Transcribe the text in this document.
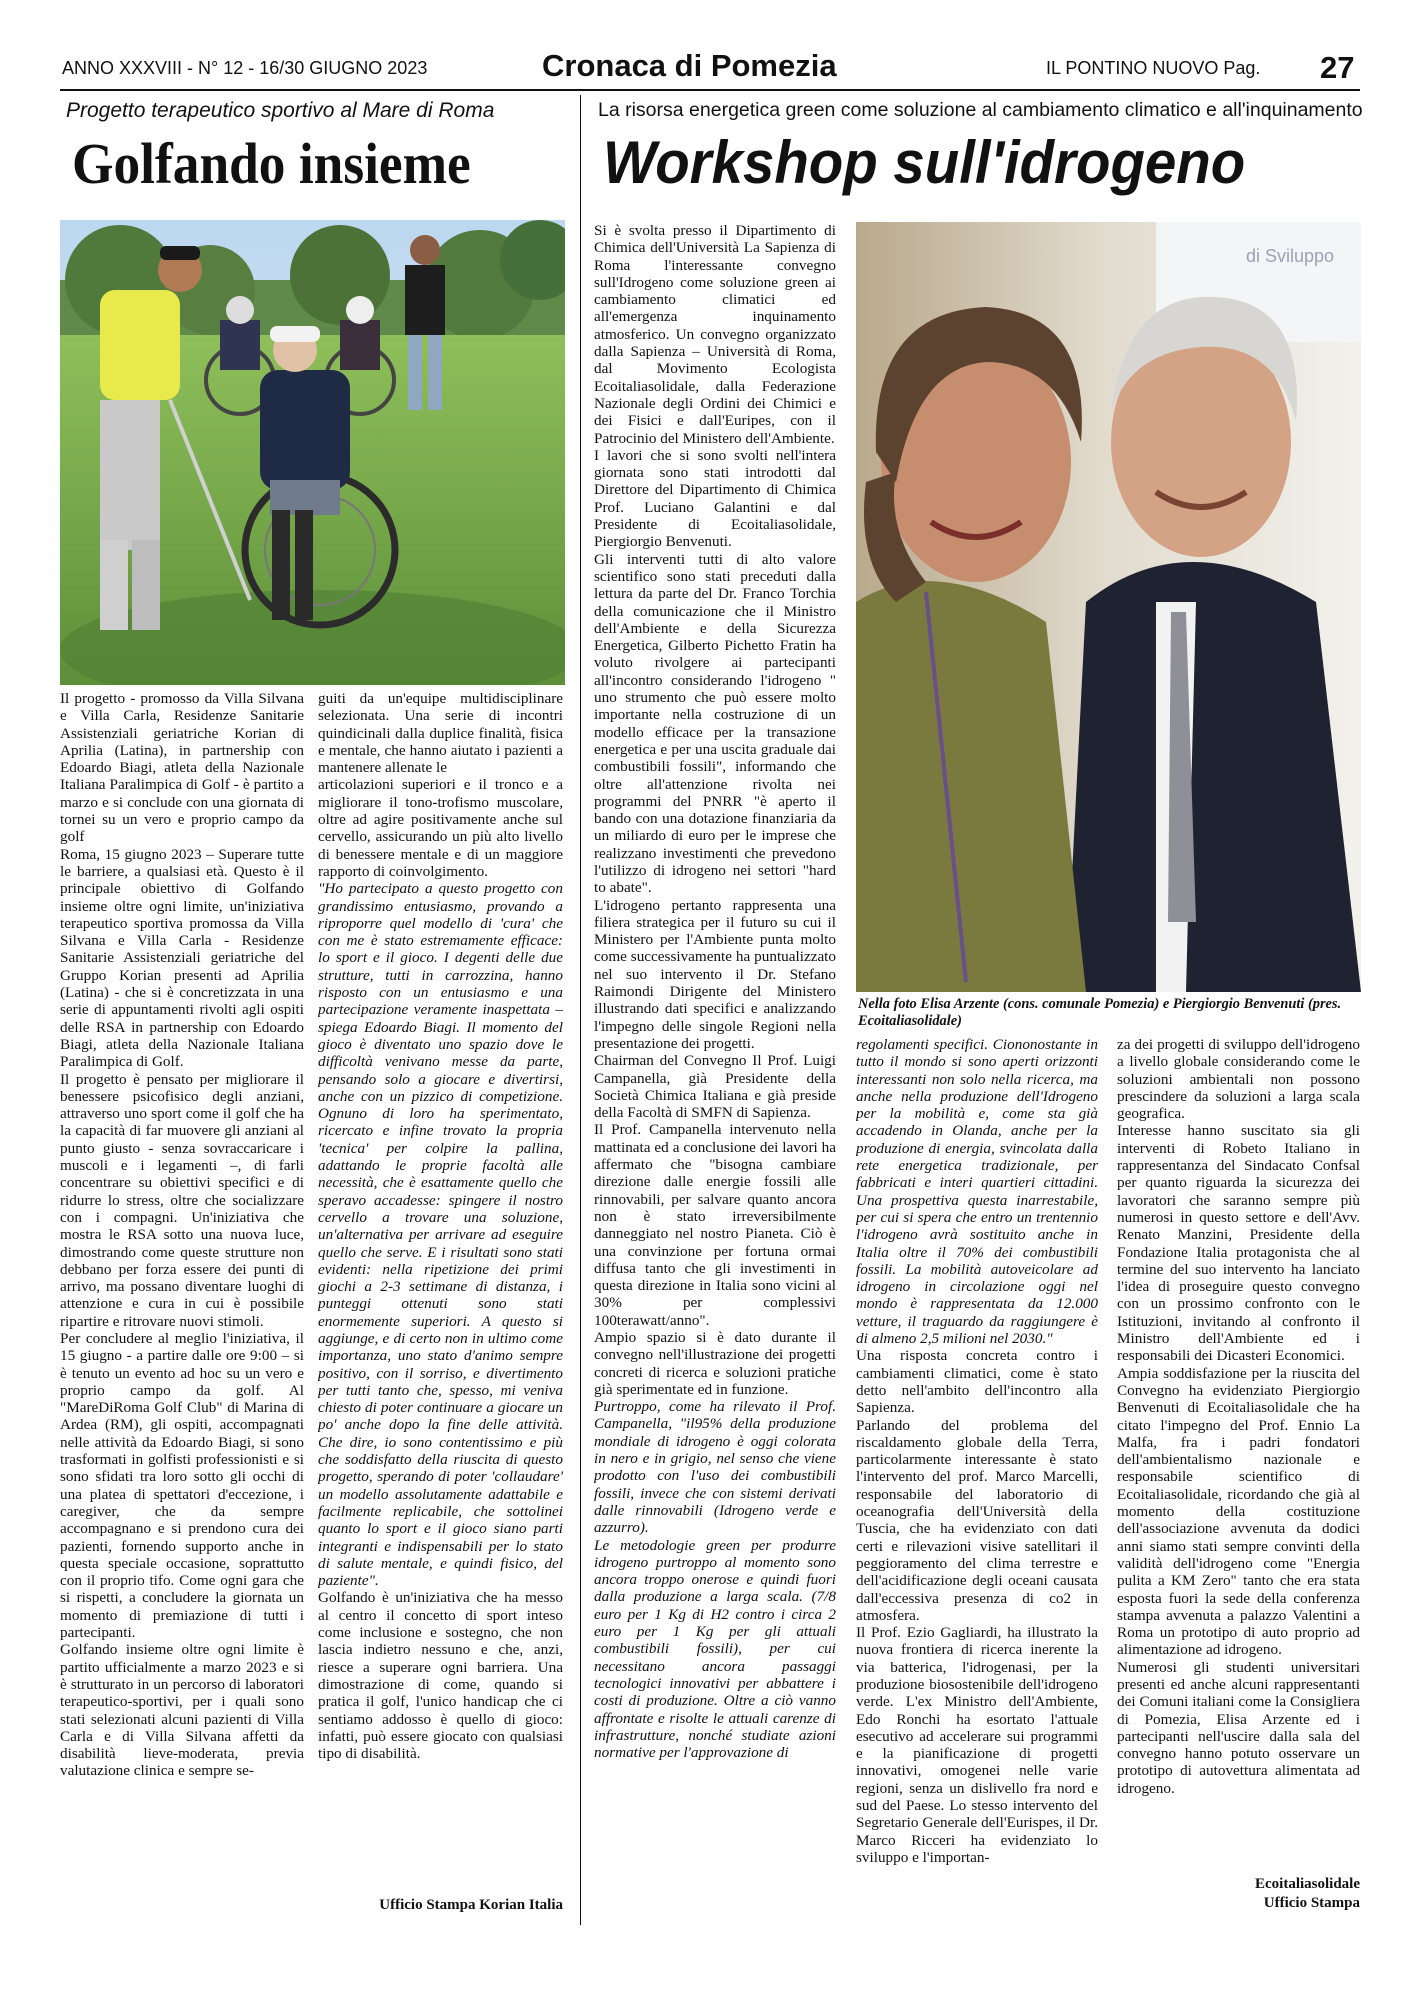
ANNO XXXVIII - N° 12 - 16/30 GIUGNO 2023	Cronaca di Pomezia	IL PONTINO NUOVO Pag. 27
Progetto terapeutico sportivo al Mare di Roma
Golfando insieme

Il progetto - promosso da Villa Silvana e Villa Carla, Residenze Sanitarie Assistenziali geriatriche Korian di Aprilia (Latina), in partnership con Edoardo Biagi, atleta della Nazionale Italiana Paralimpica di Golf - è partito a marzo e si conclude con una giornata di tornei su un vero e proprio campo da golf

Roma, 15 giugno 2023 – Superare tutte le barriere, a qualsiasi età. Questo è il principale obiettivo di Golfando insieme oltre ogni limite, un'iniziativa terapeutico sportiva promossa da Villa Silvana e Villa Carla - Residenze Sanitarie Assistenziali geriatriche del Gruppo Korian presenti ad Aprilia (Latina) - che si è concretizzata in una serie di appuntamenti rivolti agli ospiti delle RSA in partnership con Edoardo Biagi, atleta della Nazionale Italiana Paralimpica di Golf.

Il progetto è pensato per migliorare il benessere psicofisico degli anziani, attraverso uno sport come il golf che ha la capacità di far muovere gli anziani al punto giusto - senza sovraccaricare i muscoli e i legamenti –, di farli concentrare su obiettivi specifici e di ridurre lo stress, oltre che socializzare con i compagni. Un'iniziativa che mostra le RSA sotto una nuova luce, dimostrando come queste strutture non debbano per forza essere dei punti di arrivo, ma possano diventare luoghi di attenzione e cura in cui è possibile ripartire e ritrovare nuovi stimoli.

Per concludere al meglio l'iniziativa, il 15 giugno - a partire dalle ore 9:00 – si è tenuto un evento ad hoc su un vero e proprio campo da golf. Al "MareDiRoma Golf Club" di Marina di Ardea (RM), gli ospiti, accompagnati nelle attività da Edoardo Biagi, si sono trasformati in golfisti professionisti e si sono sfidati tra loro sotto gli occhi di una platea di spettatori d'eccezione, i caregiver, che da sempre accompagnano e si prendono cura dei pazienti, fornendo supporto anche in questa speciale occasione, soprattutto con il proprio tifo. Come ogni gara che si rispetti, a concludere la giornata un momento di premiazione di tutti i partecipanti.

Golfando insieme oltre ogni limite è partito ufficialmente a marzo 2023 e si è strutturato in un percorso di laboratori terapeutico-sportivi, per i quali sono stati selezionati alcuni pazienti di Villa Carla e di Villa Silvana affetti da disabilità lieve-moderata, previa valutazione clinica e sempre se-

guiti da un'equipe multidisciplinare selezionata. Una serie di incontri quindicinali dalla duplice finalità, fisica e mentale, che hanno aiutato i pazienti a mantenere allenate le

articolazioni superiori e il tronco e a migliorare il tono-trofismo muscolare, oltre ad agire positivamente anche sul cervello, assicurando un più alto livello di benessere mentale e di un maggiore rapporto di coinvolgimento.

"Ho partecipato a questo progetto con grandissimo entusiasmo, provando a riproporre quel modello di 'cura' che con me è stato estremamente efficace: lo sport e il gioco. I degenti delle due strutture, tutti in carrozzina, hanno risposto con un entusiasmo e una partecipazione veramente inaspettata – spiega Edoardo Biagi. Il momento del gioco è diventato uno spazio dove le difficoltà venivano messe da parte, pensando solo a giocare e divertirsi, anche con un pizzico di competizione. Ognuno di loro ha sperimentato, ricercato e infine trovato la propria 'tecnica' per colpire la pallina, adattando le proprie facoltà alle necessità, che è esattamente quello che speravo accadesse: spingere il nostro cervello a trovare una soluzione, un'alternativa per arrivare ad eseguire quello che serve. E i risultati sono stati evidenti: nella ripetizione dei primi giochi a 2-3 settimane di distanza, i punteggi ottenuti sono stati enormemente superiori. A questo si aggiunge, e di certo non in ultimo come importanza, uno stato d'animo sempre positivo, con il sorriso, e divertimento per tutti tanto che, spesso, mi veniva chiesto di poter continuare a giocare un po' anche dopo la fine delle attività. Che dire, io sono contentissimo e più che soddisfatto della riuscita di questo progetto, sperando di poter 'collaudare' un modello assolutamente adattabile e facilmente replicabile, che sottolinei quanto lo sport e il gioco siano parti integranti e indispensabili per lo stato di salute mentale, e quindi fisico, del paziente".

Golfando è un'iniziativa che ha messo al centro il concetto di sport inteso come inclusione e sostegno, che non lascia indietro nessuno e che, anzi, riesce a superare ogni barriera. Una dimostrazione di come, quando si pratica il golf, l'unico handicap che ci sentiamo addosso è quello di gioco: infatti, può essere giocato con qualsiasi tipo di disabilità.

Ufficio Stampa Korian Italia
La risorsa energetica green come soluzione al cambiamento climatico e all'inquinamento
Workshop sull'idrogeno

Si è svolta presso il Dipartimento di Chimica dell'Università La Sapienza di Roma l'interessante convegno sull'Idrogeno come soluzione green ai cambiamento climatici ed all'emergenza inquinamento atmosferico. Un convegno organizzato dalla Sapienza – Università di Roma, dal Movimento Ecologista Ecoitaliasolidale, dalla Federazione Nazionale degli Ordini dei Chimici e dei Fisici e dall'Euripes, con il Patrocinio del Ministero dell'Ambiente.

I lavori che si sono svolti nell'intera giornata sono stati introdotti dal Direttore del Dipartimento di Chimica Prof. Luciano Galantini e dal Presidente di Ecoitaliasolidale, Piergiorgio Benvenuti.

Gli interventi tutti di alto valore scientifico sono stati preceduti dalla lettura da parte del Dr. Franco Torchia della comunicazione che il Ministro dell'Ambiente e della Sicurezza Energetica, Gilberto Pichetto Fratin ha voluto rivolgere ai partecipanti all'incontro considerando l'idrogeno " uno strumento che può essere molto importante nella costruzione di un modello efficace per la transazione energetica e per una uscita graduale dai combustibili fossili", informando che oltre all'attenzione rivolta nei programmi del PNRR "è aperto il bando con una dotazione finanziaria da un miliardo di euro per le imprese che realizzano investimenti che prevedono l'utilizzo di idrogeno nei settori "hard to abate".

L'idrogeno pertanto rappresenta una filiera strategica per il futuro su cui il Ministero per l'Ambiente punta molto come successivamente ha puntualizzato nel suo intervento il Dr. Stefano Raimondi Dirigente del Ministero illustrando dati specifici e analizzando l'impegno delle singole Regioni nella presentazione dei progetti.

Chairman del Convegno Il Prof. Luigi Campanella, già Presidente della Società Chimica Italiana e già preside della Facoltà di SMFN di Sapienza.

Il Prof. Campanella intervenuto nella mattinata ed a conclusione dei lavori ha affermato che "bisogna cambiare direzione dalle energie fossili alle rinnovabili, per salvare quanto ancora non è stato irreversibilmente danneggiato nel nostro Pianeta. Ciò è una convinzione per fortuna ormai diffusa tanto che gli investimenti in questa direzione in Italia sono vicini al 30% per complessivi 100terawatt/anno".

Ampio spazio si è dato durante il convegno nell'illustrazione dei progetti concreti di ricerca e soluzioni pratiche già sperimentate ed in funzione.

Purtroppo, come ha rilevato il Prof. Campanella, "il95% della produzione mondiale di idrogeno è oggi colorata in nero e in grigio, nel senso che viene prodotto con l'uso dei combustibili fossili, invece che con sistemi derivati dalle rinnovabili (Idrogeno verde e azzurro).

Le metodologie green per produrre idrogeno purtroppo al momento sono ancora troppo onerose e quindi fuori dalla produzione a larga scala. (7/8 euro per 1 Kg di H2 contro i circa 2 euro per 1 Kg per gli attuali combustibili fossili), per cui necessitano ancora passaggi tecnologici innovativi per abbattere i costi di produzione. Oltre a ciò vanno affrontate e risolte le attuali carenze di infrastrutture, nonché studiate azioni normative per l'approvazione di

di Sviluppo
Nella foto Elisa Arzente (cons. comunale Pomezia) e Piergiorgio Benvenuti (pres. Ecoitaliasolidale)

regolamenti specifici. Ciononostante in tutto il mondo si sono aperti orizzonti interessanti non solo nella ricerca, ma anche nella produzione dell'Idrogeno per la mobilità e, come sta già accadendo in Olanda, anche per la produzione di energia, svincolata dalla rete energetica tradizionale, per fabbricati e interi quartieri cittadini. Una prospettiva questa inarrestabile, per cui si spera che entro un trentennio l'idrogeno avrà sostituito anche in Italia oltre il 70% dei combustibili fossili. La mobilità autoveicolare ad idrogeno in circolazione oggi nel mondo è rappresentata da 12.000 vetture, il traguardo da raggiungere è di almeno 2,5 milioni nel 2030."

Una risposta concreta contro i cambiamenti climatici, come è stato detto nell'ambito dell'incontro alla Sapienza.

Parlando del problema del riscaldamento globale della Terra, particolarmente interessante è stato l'intervento del prof. Marco Marcelli, responsabile del laboratorio di oceanografia dell'Università della Tuscia, che ha evidenziato con dati certi e rilevazioni visive satellitari il peggioramento del clima terrestre e dell'acidificazione degli oceani causata dall'eccessiva presenza di co2 in atmosfera.

Il Prof. Ezio Gagliardi, ha illustrato la nuova frontiera di ricerca inerente la via batterica, l'idrogenasi, per la produzione biosostenibile dell'idrogeno verde. L'ex Ministro dell'Ambiente, Edo Ronchi ha esortato l'attuale esecutivo ad accelerare sui programmi e la pianificazione di progetti innovativi, omogenei nelle varie regioni, senza un dislivello fra nord e sud del Paese. Lo stesso intervento del Segretario Generale dell'Eurispes, il Dr. Marco Ricceri ha evidenziato lo sviluppo e l'importan-

za dei progetti di sviluppo dell'idrogeno a livello globale considerando come le soluzioni ambientali non possono prescindere da soluzioni a larga scala geografica.

Interesse hanno suscitato sia gli interventi di Robeto Italiano in rappresentanza del Sindacato Confsal per quanto riguarda la sicurezza dei lavoratori che saranno sempre più numerosi in questo settore e dell'Avv. Renato Manzini, Presidente della Fondazione Italia protagonista che al termine del suo intervento ha lanciato l'idea di proseguire questo convegno con un prossimo confronto con le Istituzioni, invitando al confronto il Ministro dell'Ambiente ed i responsabili dei Dicasteri Economici.

Ampia soddisfazione per la riuscita del Convegno ha evidenziato Piergiorgio Benvenuti di Ecoitaliasolidale che ha citato l'impegno del Prof. Ennio La Malfa, fra i padri fondatori dell'ambientalismo nazionale e responsabile scientifico di Ecoitaliasolidale, ricordando che già al momento della costituzione dell'associazione avvenuta da dodici anni siamo stati sempre convinti della validità dell'idrogeno come "Energia pulita a KM Zero" tanto che era stata esposta fuori la sede della conferenza stampa avvenuta a palazzo Valentini a Roma un prototipo di auto proprio ad alimentazione ad idrogeno.

Numerosi gli studenti universitari presenti ed anche alcuni rappresentanti dei Comuni italiani come la Consigliera di Pomezia, Elisa Arzente ed i partecipanti nell'uscire dalla sala del convegno hanno potuto osservare un prototipo di autovettura alimentata ad idrogeno.

Ecoitaliasolidale
Ufficio Stampa
